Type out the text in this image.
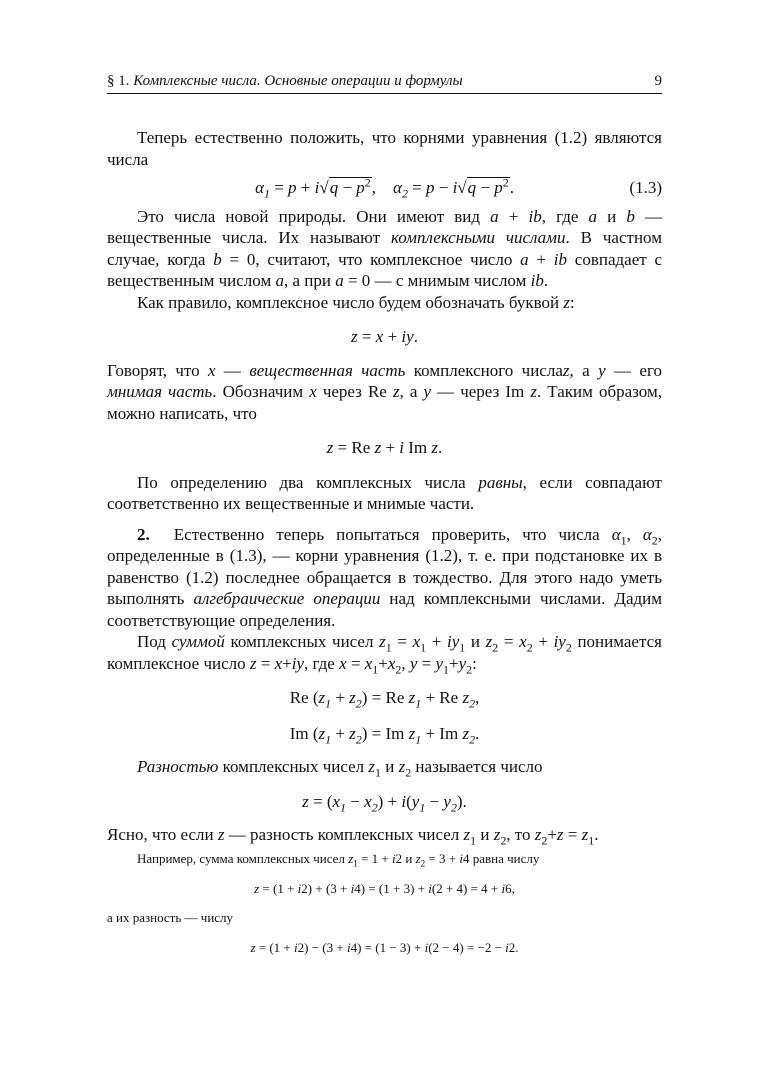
§ 1. Комплексные числа. Основные операции и формулы	9

Теперь естественно положить, что корнями уравнения (1.2) являются числа

$\alpha_1 = p + i√q - p^2$,    $\alpha_2 = p - i√q - p^2$.	(1.3)

Это числа новой природы. Они имеют вид a + ib, где a и b — вещественные числа. Их называют комплексными числами. В частном случае, когда b = 0, считают, что комплексное число a + ib совпадает с вещественным числом a, а при a = 0 — с мнимым числом ib.

Как правило, комплексное число будем обозначать буквой z:

z = x + iy.

Говорят, что x — вещественная часть комплексного числаz, а y — его мнимая часть. Обозначим x через Re z, а y — через Im z. Таким образом, можно написать, что

z = Re z + i Im z.

По определению два комплексных числа равны, если совпадают соответственно их вещественные и мнимые части.

2. Естественно теперь попытаться проверить, что числа $\alpha_1$, $\alpha_2$, определенные в (1.3), — корни уравнения (1.2), т. е. при подстановке их в равенство (1.2) последнее обращается в тождество. Для этого надо уметь выполнять алгебраические операции над комплексными числами. Дадим соответствующие определения.

Под суммой комплексных чисел $z_1 = x_1 + iy_1$ и $z_2 = x_2 + iy_2$ понимается комплексное число z = x+iy, где $x = x_1+x_2$, $y = y_1+y_2$:

Re $(z_1 + z_2) = Re$ $z_1 + Re$ $z_2$,
Im $(z_1 + z_2) = Im$ $z_1 + Im$ $z_2$.

Разностью комплексных чисел $z_1$ и $z_2$ называется число

$z = (x_1 - x_2) + i(y_1 - y_2)$.

Ясно, что если z — разность комплексных чисел $z_1$ и $z_2$, то $z_2+z = z_1$.

Например, сумма комплексных чисел $z_1 = 1 + i2$ и $z_2 = 3 + i4$ равна числу

z = (1 + i2) + (3 + i4) = (1 + 3) + i(2 + 4) = 4 + i6,

а их разность — числу

z = (1 + i2) − (3 + i4) = (1 − 3) + i(2 − 4) = −2 − i2.
